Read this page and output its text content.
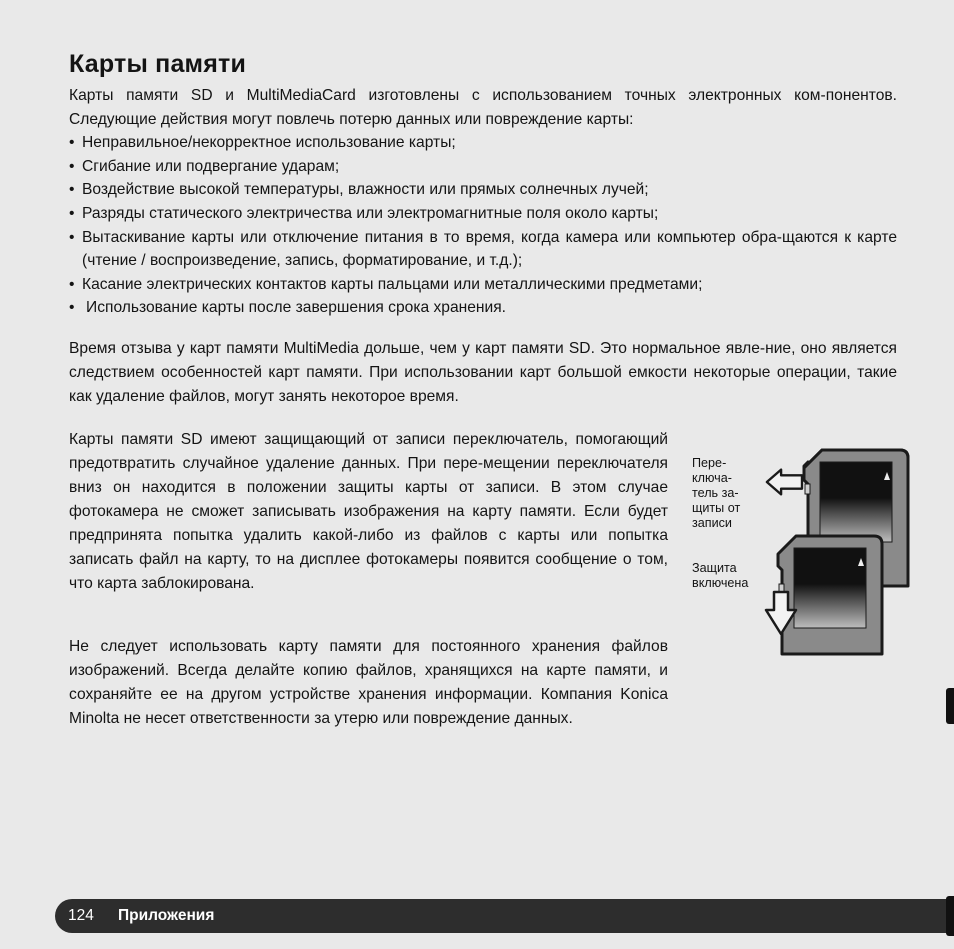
Карты памяти

Карты памяти SD и MultiMediaCard изготовлены с использованием точных электронных ком-понентов. Следующие действия могут повлечь потерю данных или повреждение карты:

• Неправильное/некорректное использование карты;
• Сгибание или подвергание ударам;
• Воздействие высокой температуры, влажности или прямых солнечных лучей;
• Разряды статического электричества или электромагнитные поля около карты;
• Вытаскивание карты или отключение питания в то время, когда камера или компьютер обра-щаются к карте (чтение / воспроизведение, запись, форматирование, и т.д.);
• Касание электрических контактов карты пальцами или металлическими предметами;
• Использование карты после завершения срока хранения.

Время отзыва у карт памяти MultiMedia дольше, чем у карт памяти SD. Это нормальное явле-ние, оно является следствием особенностей карт памяти. При использовании карт большой емкости некоторые операции, такие как удаление файлов, могут занять некоторое время.

Карты памяти SD имеют защищающий от записи переключатель, помогающий предотвратить случайное удаление данных. При пере-мещении переключателя вниз он находится в положении защиты карты от записи. В этом случае фотокамера не сможет записывать изображения на карту памяти. Если будет предпринята попытка удалить какой-либо из файлов с карты или попытка записать файл на карту, то на дисплее фотокамеры появится сообщение о том, что карта заблокирована.

Не следует использовать карту памяти для постоянного хранения файлов изображений. Всегда делайте копию файлов, хранящихся на карте памяти, и сохраняйте ее на другом устройстве хранения информации. Компания Konica Minolta не несет ответственности за утерю или повреждение данных.

Пере-
ключа-
тель за-
щиты от
записи
Защита
включена
124 Приложения
